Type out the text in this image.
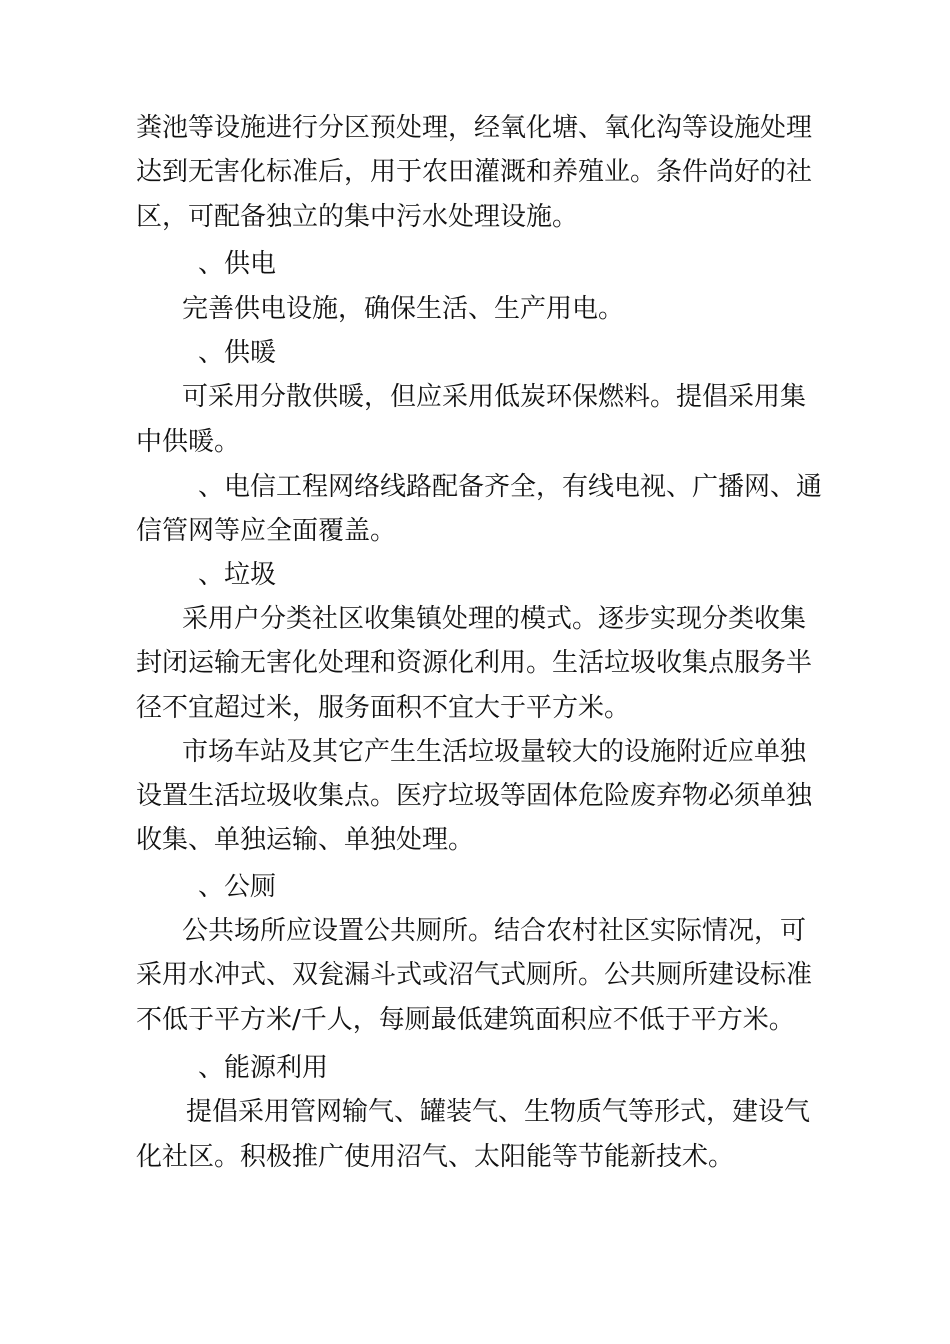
粪池等设施进行分区预处理，经氧化塘、氧化沟等设施处理
达到无害化标准后，用于农田灌溉和养殖业。条件尚好的社
区，可配备独立的集中污水处理设施。
、供电
完善供电设施，确保生活、生产用电。
、供暖
可采用分散供暖，但应采用低炭环保燃料。提倡采用集
中供暖。
、电信工程网络线路配备齐全，有线电视、广播网、通
信管网等应全面覆盖。
、垃圾
采用户分类社区收集镇处理的模式。逐步实现分类收集
封闭运输无害化处理和资源化利用。生活垃圾收集点服务半
径不宜超过米，服务面积不宜大于平方米。
市场车站及其它产生生活垃圾量较大的设施附近应单独
设置生活垃圾收集点。医疗垃圾等固体危险废弃物必须单独
收集、单独运输、单独处理。
、公厕
公共场所应设置公共厕所。结合农村社区实际情况，可
采用水冲式、双瓮漏斗式或沼气式厕所。公共厕所建设标准
不低于平方米/千人，每厕最低建筑面积应不低于平方米。
、能源利用
提倡采用管网输气、罐装气、生物质气等形式，建设气
化社区。积极推广使用沼气、太阳能等节能新技术。
